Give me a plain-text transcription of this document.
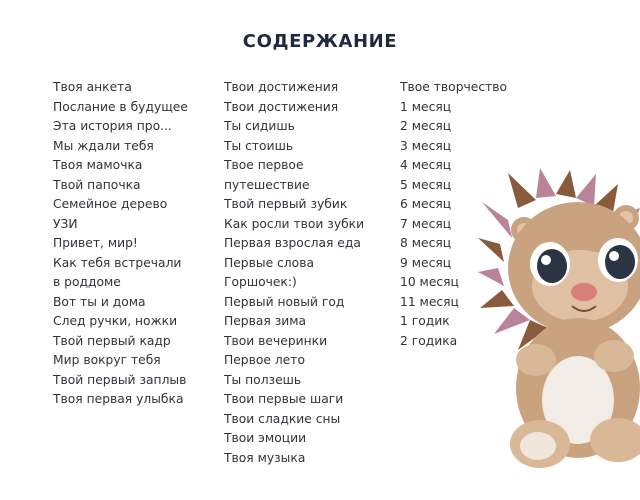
СОДЕРЖАНИЕ
Твоя анкета
Послание в будущее
Эта история про...
Мы ждали тебя
Твоя мамочка
Твой папочка
Семейное дерево
УЗИ
Привет, мир!
Как тебя встречали
в роддоме
Вот ты и дома
След ручки, ножки
Твой первый кадр
Мир вокруг тебя
Твой первый заплыв
Твоя первая улыбка
Твои достижения
Твои достижения
Ты сидишь
Ты стоишь
Твое первое
путешествие
Твой первый зубик
Как росли твои зубки
Первая взрослая еда
Первые слова
Горшочек:)
Первый новый год
Первая зима
Твои вечеринки
Первое лето
Ты ползешь
Твои первые шаги
Твои сладкие сны
Твои эмоции
Твоя музыка
Твое творчество
1 месяц
2 месяц
3 месяц
4 месяц
5 месяц
6 месяц
7 месяц
8 месяц
9 месяц
10 месяц
11 месяц
1 годик
2 годика
